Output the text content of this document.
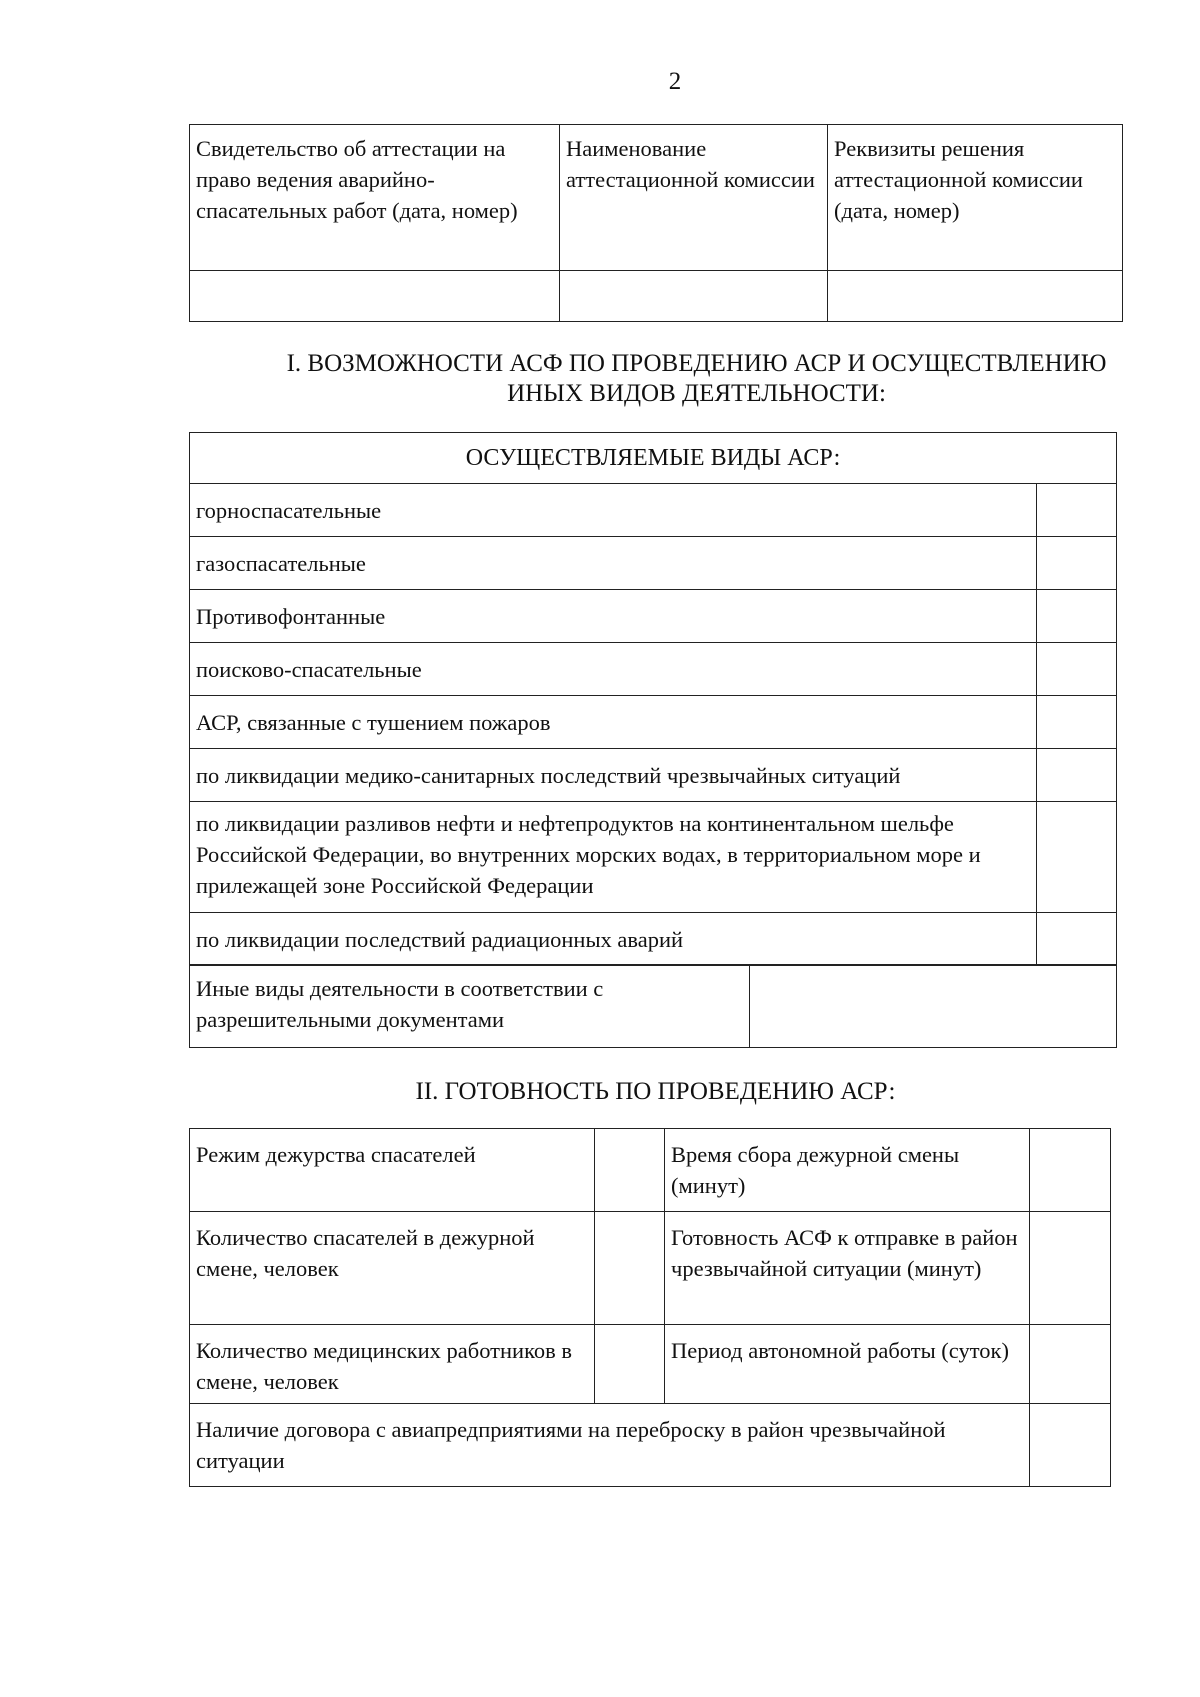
2
Свидетельство об аттестации на право ведения аварийно-спасательных работ (дата, номер)	Наименование аттестационной комиссии	Реквизиты решения аттестационной комиссии (дата, номер)

I. ВОЗМОЖНОСТИ АСФ ПО ПРОВЕДЕНИЮ АСР И ОСУЩЕСТВЛЕНИЮ
ИНЫХ ВИДОВ ДЕЯТЕЛЬНОСТИ:
ОСУЩЕСТВЛЯЕМЫЕ ВИДЫ АСР:	

горноспасательные	

газоспасательные	

Противофонтанные	

поисково-спасательные	

АСР, связанные с тушением пожаров	

по ликвидации медико-санитарных последствий чрезвычайных ситуаций	

по ликвидации разливов нефти и нефтепродуктов на континентальном шельфе Российской Федерации, во внутренних морских водах, в территориальном море и прилежащей зоне Российской Федерации	

по ликвидации последствий радиационных аварий	

Иные виды деятельности в соответствии с разрешительными документами

II. ГОТОВНОСТЬ ПО ПРОВЕДЕНИЮ АСР:
Режим дежурства спасателей		Время сбора дежурной смены (минут)	

Количество спасателей в дежурной смене, человек		Готовность АСФ к отправке в район чрезвычайной ситуации (минут)	

Количество медицинских работников в смене, человек		Период автономной работы (суток)	

Наличие договора с авиапредприятиями на переброску в район чрезвычайной ситуации			
